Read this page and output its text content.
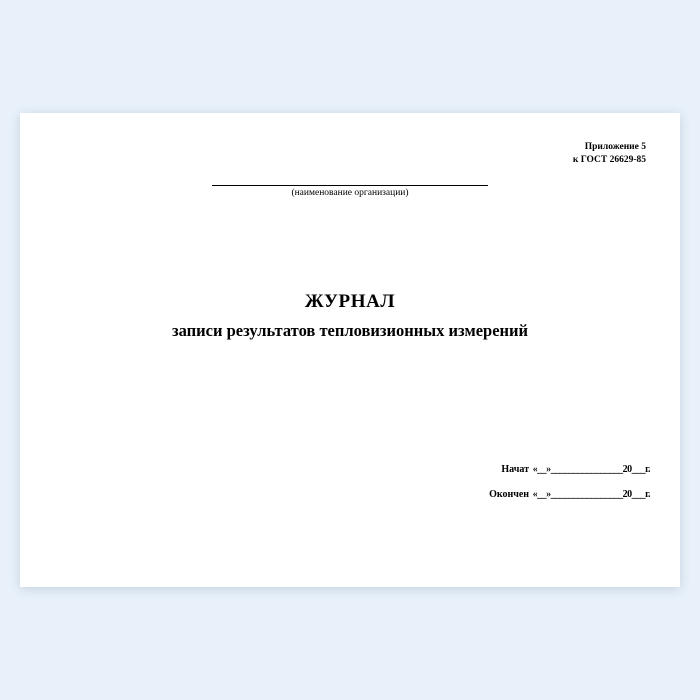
Приложение 5
к ГОСТ 26629-85
(наименование организации)
ЖУРНАЛ
записи результатов тепловизионных измерений
Начат «__»________________20___г.
Окончен «__»________________20___г.
